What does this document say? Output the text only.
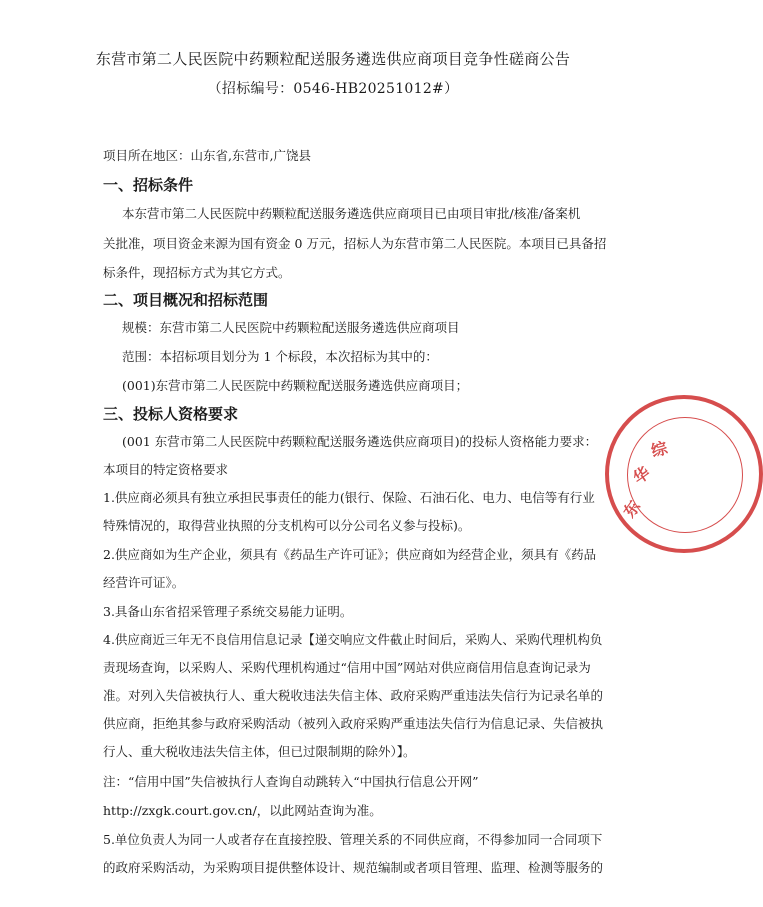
东营市第二人民医院中药颗粒配送服务遴选供应商项目竞争性磋商公告
（招标编号：0546-HB20251012#）
项目所在地区：山东省,东营市,广饶县
一、招标条件
本东营市第二人民医院中药颗粒配送服务遴选供应商项目已由项目审批/核准/备案机
关批准，项目资金来源为国有资金 0 万元，招标人为东营市第二人民医院。本项目已具备招
标条件，现招标方式为其它方式。
二、项目概况和招标范围
规模：东营市第二人民医院中药颗粒配送服务遴选供应商项目
范围：本招标项目划分为 1 个标段，本次招标为其中的：
(001)东营市第二人民医院中药颗粒配送服务遴选供应商项目；
三、投标人资格要求
(001 东营市第二人民医院中药颗粒配送服务遴选供应商项目)的投标人资格能力要求：
本项目的特定资格要求
1.供应商必须具有独立承担民事责任的能力(银行、保险、石油石化、电力、电信等有行业
特殊情况的，取得营业执照的分支机构可以分公司名义参与投标)。
2.供应商如为生产企业，须具有《药品生产许可证》；供应商如为经营企业，须具有《药品
经营许可证》。
3.具备山东省招采管理子系统交易能力证明。
4.供应商近三年无不良信用信息记录【递交响应文件截止时间后，采购人、采购代理机构负
责现场查询，以采购人、采购代理机构通过“信用中国”网站对供应商信用信息查询记录为
准。对列入失信被执行人、重大税收违法失信主体、政府采购严重违法失信行为记录名单的
供应商，拒绝其参与政府采购活动（被列入政府采购严重违法失信行为信息记录、失信被执
行人、重大税收违法失信主体，但已过限制期的除外）】。
注：“信用中国”失信被执行人查询自动跳转入“中国执行信息公开网”
http://zxgk.court.gov.cn/，以此网站查询为准。
5.单位负责人为同一人或者存在直接控股、管理关系的不同供应商，不得参加同一合同项下
的政府采购活动，为采购项目提供整体设计、规范编制或者项目管理、监理、检测等服务的
东
华
综
